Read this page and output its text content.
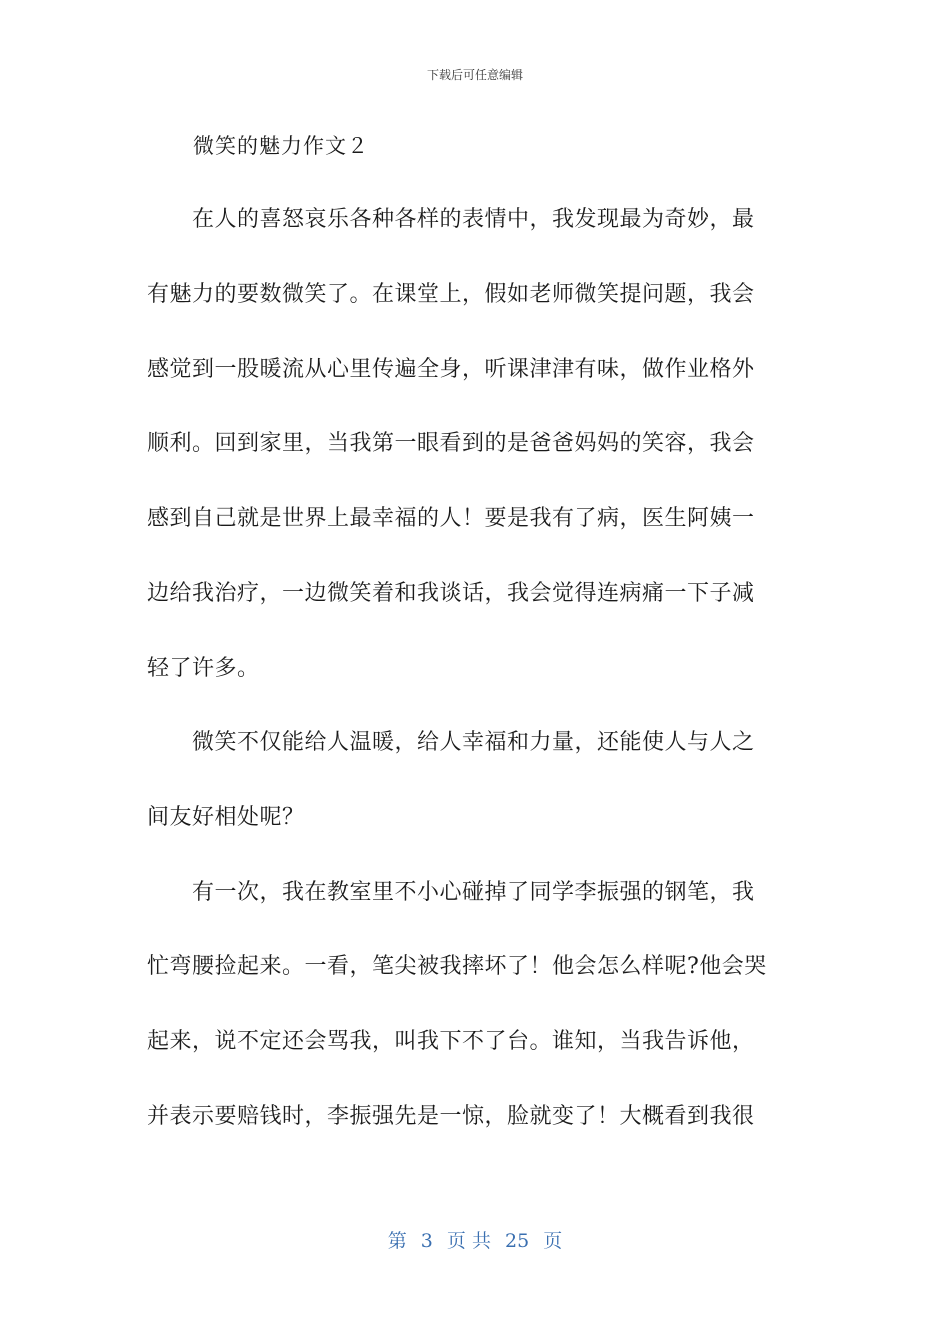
下载后可任意编辑
微笑的魅力作文２
　　在人的喜怒哀乐各种各样的表情中，我发现最为奇妙，最
有魅力的要数微笑了。在课堂上，假如老师微笑提问题，我会
感觉到一股暖流从心里传遍全身，听课津津有味，做作业格外
顺利。回到家里，当我第一眼看到的是爸爸妈妈的笑容，我会
感到自己就是世界上最幸福的人！要是我有了病，医生阿姨一
边给我治疗，一边微笑着和我谈话，我会觉得连病痛一下子减
轻了许多。
　　微笑不仅能给人温暖，给人幸福和力量，还能使人与人之
间友好相处呢？
　　有一次，我在教室里不小心碰掉了同学李振强的钢笔，我
忙弯腰捡起来。一看，笔尖被我摔坏了！他会怎么样呢?他会哭
起来，说不定还会骂我，叫我下不了台。谁知，当我告诉他，
并表示要赔钱时，李振强先是一惊，脸就变了！大概看到我很
第 3 页 共 25 页
